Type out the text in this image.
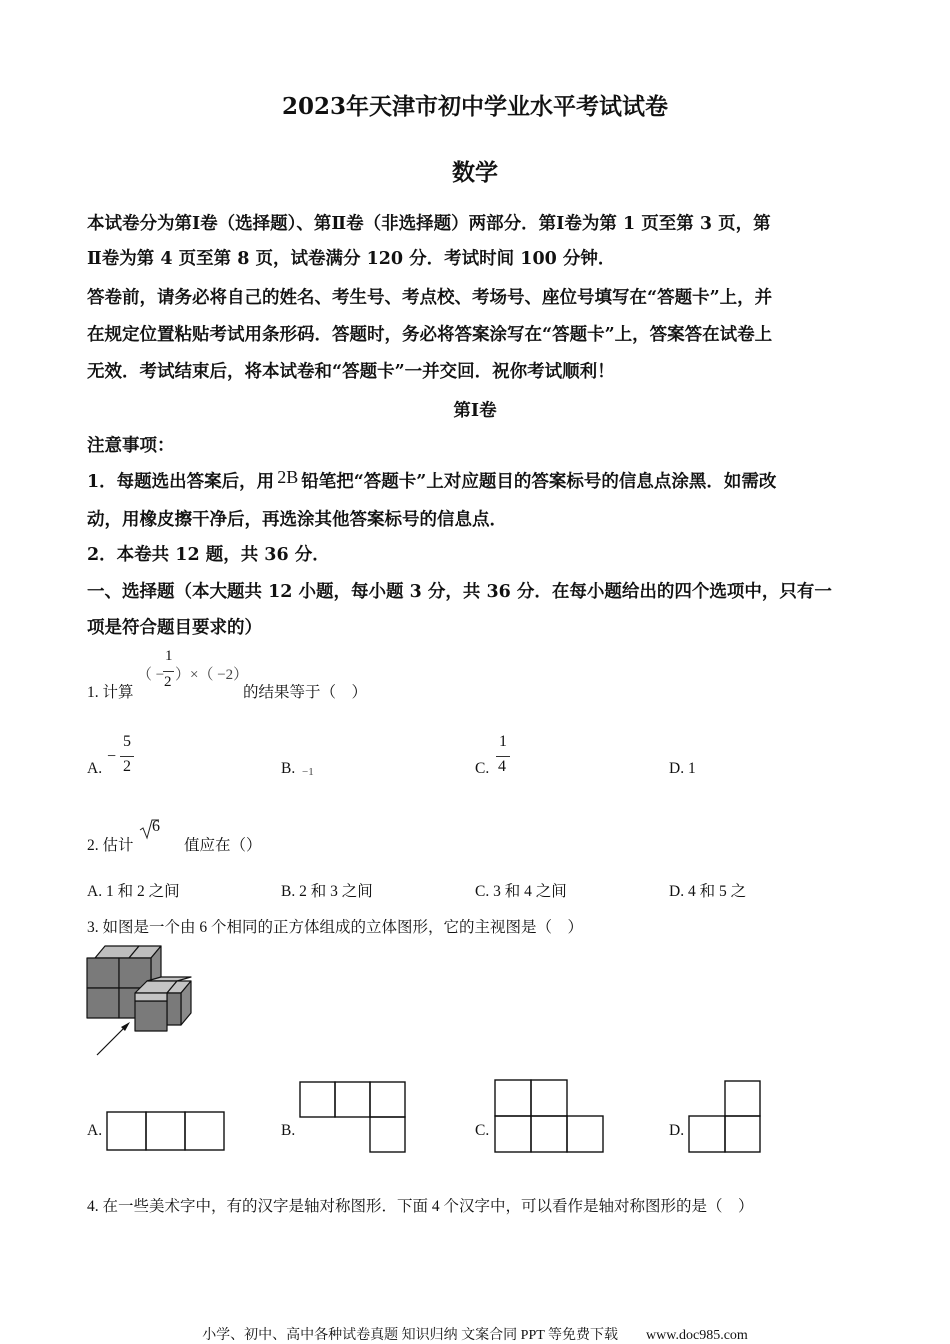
2023年天津市初中学业水平考试试卷
数学
本试卷分为第Ⅰ卷（选择题）、第Ⅱ卷（非选择题）两部分．第Ⅰ卷为第 1 页至第 3 页，第
Ⅱ卷为第 4 页至第 8 页，试卷满分 120 分．考试时间 100 分钟．
答卷前，请务必将自己的姓名、考生号、考点校、考场号、座位号填写在“答题卡”上，并
在规定位置粘贴考试用条形码．答题时，务必将答案涂写在“答题卡”上，答案答在试卷上
无效．考试结束后，将本试卷和“答题卡”一并交回．祝你考试顺利！
第Ⅰ卷
注意事项：
1．每题选出答案后，用 2B 铅笔把“答题卡”上对应题目的答案标号的信息点涂黑．如需改
动，用橡皮擦干净后，再选涂其他答案标号的信息点．
2．本卷共 12 题，共 36 分．
一、选择题（本大题共 12 小题，每小题 3 分，共 36 分．在每小题给出的四个选项中，只有一
项是符合题目要求的）
1. 计算
（ −
1
2 ）×（ −2）
的结果等于（　）
A.
−
5
2	B. −1	C.
1
4	D. 1
2. 估计
6
值应在（）
A. 1 和 2 之间	B. 2 和 3 之间	C. 3 和 4 之间	D. 4 和 5 之
3. 如图是一个由 6 个相同的正方体组成的立体图形，它的主视图是（　）
A.	B.	C.	D.
4. 在一些美术字中，有的汉字是轴对称图形．下面 4 个汉字中，可以看作是轴对称图形的是（　）
小学、初中、高中各种试卷真题 知识归纳 文案合同 PPT 等免费下载　　www.doc985.com
